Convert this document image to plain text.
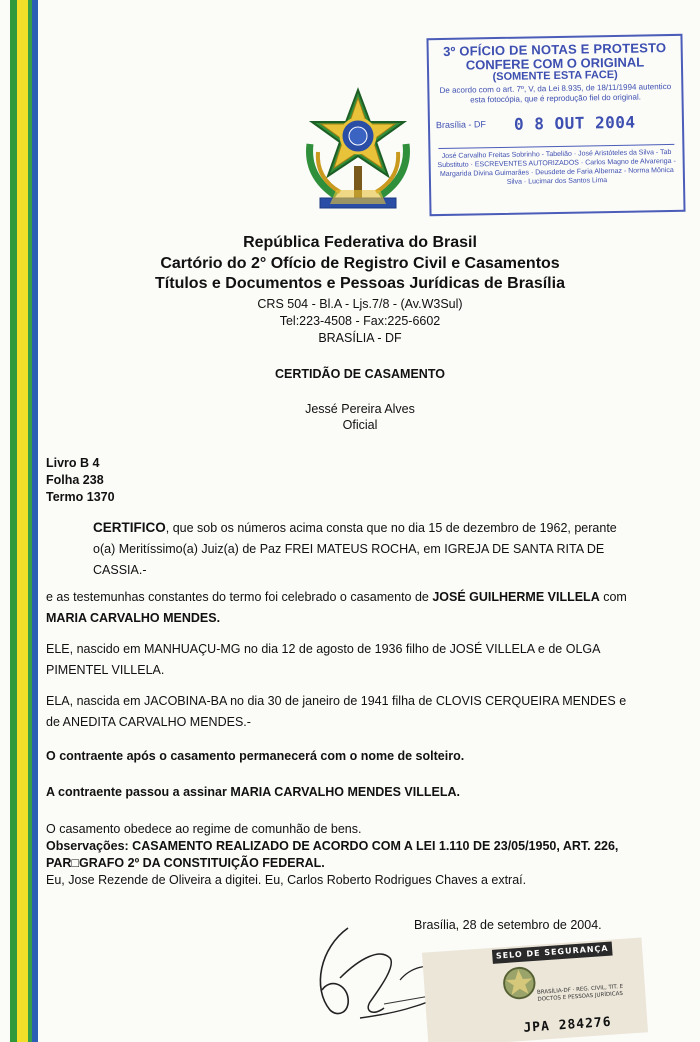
3º OFÍCIO DE NOTAS E PROTESTO
CONFERE COM O ORIGINAL
(SOMENTE ESTA FACE)
De acordo com o art. 7º, V, da Lei 8.935, de 18/11/1994 autentico esta fotocópia, que é reprodução fiel do original.
Brasília - DF 0 8 OUT 2004
José Carvalho Freitas Sobrinho - Tabelião · José Aristóteles da Silva - Tab Substituto · ESCREVENTES AUTORIZADOS · Carlos Magno de Alvarenga - Margarida Divina Guimarães · Deusdete de Faria Albernaz - Norma Mônica Silva · Lucimar dos Santos Lima
República Federativa do Brasil
Cartório do 2° Ofício de Registro Civil e Casamentos
Títulos e Documentos e Pessoas Jurídicas de Brasília
CRS 504 - Bl.A - Ljs.7/8 - (Av.W3Sul)
Tel:223-4508 - Fax:225-6602
BRASÍLIA - DF
CERTIDÃO DE CASAMENTO
Jessé Pereira Alves
Oficial
Livro B 4
Folha 238
Termo 1370
CERTIFICO, que sob os números acima consta que no dia 15 de dezembro de 1962, perante o(a) Meritíssimo(a) Juiz(a) de Paz FREI MATEUS ROCHA, em IGREJA DE SANTA RITA DE CASSIA.-
e as testemunhas constantes do termo foi celebrado o casamento de JOSÉ GUILHERME VILLELA com MARIA CARVALHO MENDES.
ELE, nascido em MANHUAÇU-MG no dia 12 de agosto de 1936 filho de JOSÉ VILLELA e de OLGA PIMENTEL VILLELA.
ELA, nascida em JACOBINA-BA no dia 30 de janeiro de 1941 filha de CLOVIS CERQUEIRA MENDES e de ANEDITA CARVALHO MENDES.-
O contraente após o casamento permanecerá com o nome de solteiro.
A contraente passou a assinar MARIA CARVALHO MENDES VILLELA.
O casamento obedece ao regime de comunhão de bens.
Observações: CASAMENTO REALIZADO DE ACORDO COM A LEI 1.110 DE 23/05/1950, ART. 226, PAR□GRAFO 2º DA CONSTITUIÇÃO FEDERAL.
Eu, Jose Rezende de Oliveira a digitei. Eu, Carlos Roberto Rodrigues Chaves a extraí.
Brasília, 28 de setembro de 2004.
SELO DE SEGURANÇA
BRASÍLIA-DF · REG. CIVIL, TIT. E DOCTOS E PESSOAS JURÍDICAS
JPA 284276
